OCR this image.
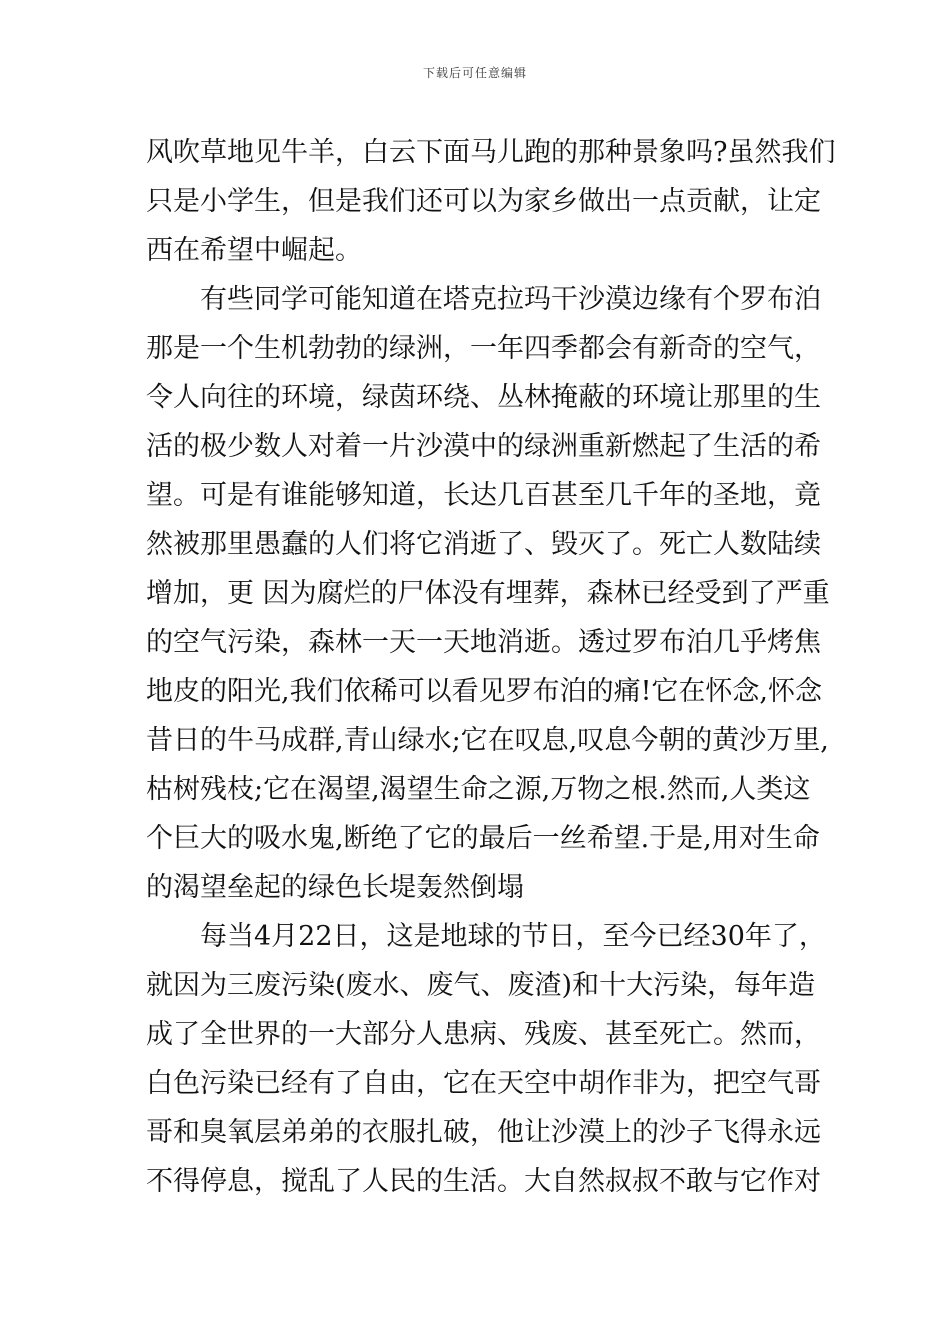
下载后可任意编辑
风吹草地见牛羊，白云下面马儿跑的那种景象吗?虽然我们
只是小学生，但是我们还可以为家乡做出一点贡献，让定
西在希望中崛起。
有些同学可能知道在塔克拉玛干沙漠边缘有个罗布泊
那是一个生机勃勃的绿洲，一年四季都会有新奇的空气，
令人向往的环境，绿茵环绕、丛林掩蔽的环境让那里的生
活的极少数人对着一片沙漠中的绿洲重新燃起了生活的希
望。可是有谁能够知道，长达几百甚至几千年的圣地，竟
然被那里愚蠢的人们将它消逝了、毁灭了。死亡人数陆续
增加，更 因为腐烂的尸体没有埋葬，森林已经受到了严重
的空气污染，森林一天一天地消逝。透过罗布泊几乎烤焦
地皮的阳光,我们依稀可以看见罗布泊的痛!它在怀念,怀念
昔日的牛马成群,青山绿水;它在叹息,叹息今朝的黄沙万里,
枯树残枝;它在渴望,渴望生命之源,万物之根.然而,人类这
个巨大的吸水鬼,断绝了它的最后一丝希望.于是,用对生命
的渴望垒起的绿色长堤轰然倒塌
每当4月22日，这是地球的节日，至今已经30年了，
就因为三废污染(废水、废气、废渣)和十大污染，每年造
成了全世界的一大部分人患病、残废、甚至死亡。然而，
白色污染已经有了自由，它在天空中胡作非为，把空气哥
哥和臭氧层弟弟的衣服扎破，他让沙漠上的沙子飞得永远
不得停息，搅乱了人民的生活。大自然叔叔不敢与它作对
